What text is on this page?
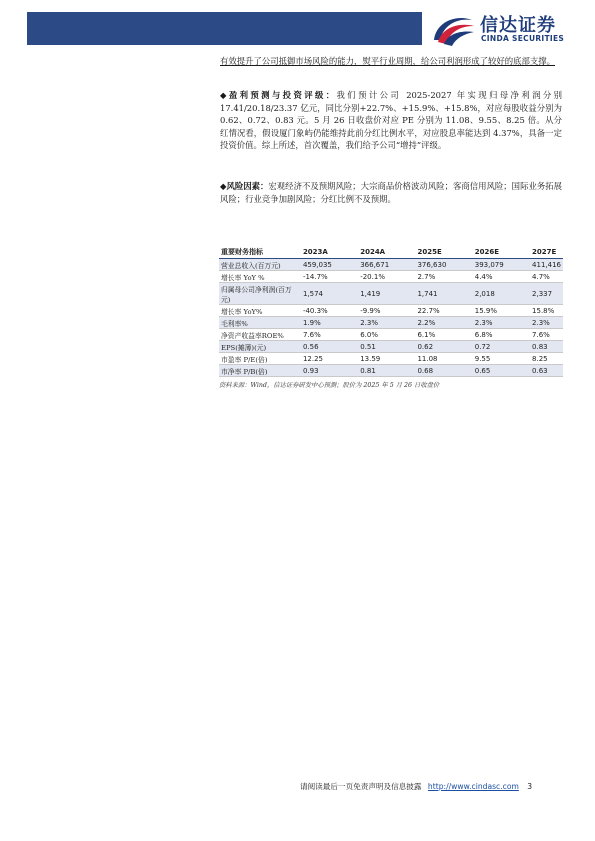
信达证券
CINDA SECURITIES

有效提升了公司抵御市场风险的能力，熨平行业周期，给公司利润形成了较好的底部支撑。

◆盈利预测与投资评级：我们预计公司 2025-2027 年实现归母净利润分别 17.41/20.18/23.37 亿元，同比分别+22.7%、+15.9%、+15.8%，对应每股收益分别为 0.62、0.72、0.83 元。5 月 26 日收盘价对应 PE 分别为 11.08、9.55、8.25 倍。从分红情况看，假设厦门象屿仍能维持此前分红比例水平，对应股息率能达到 4.37%，具备一定投资价值。综上所述，首次覆盖，我们给予公司“增持”评级。

◆风险因素：宏观经济不及预期风险；大宗商品价格波动风险；客商信用风险；国际业务拓展风险；行业竞争加剧风险；分红比例不及预期。

重要财务指标	2023A	2024A	2025E	2026E	2027E
营业总收入(百万元)	459,035	366,671	376,630	393,079	411,416
增长率 YoY %	-14.7%	-20.1%	2.7%	4.4%	4.7%
归属母公司净利润(百万元)	1,574	1,419	1,741	2,018	2,337
增长率 YoY%	-40.3%	-9.9%	22.7%	15.9%	15.8%
毛利率%	1.9%	2.3%	2.2%	2.3%	2.3%
净资产收益率ROE%	7.6%	6.0%	6.1%	6.8%	7.6%
EPS(摊薄)(元)	0.56	0.51	0.62	0.72	0.83
市盈率 P/E(倍)	12.25	13.59	11.08	9.55	8.25
市净率 P/B(倍)	0.93	0.81	0.68	0.65	0.63
资料来源：Wind，信达证券研发中心预测；股价为 2025 年 5 月 26 日收盘价
请阅读最后一页免责声明及信息披露 http://www.cindasc.com 3
